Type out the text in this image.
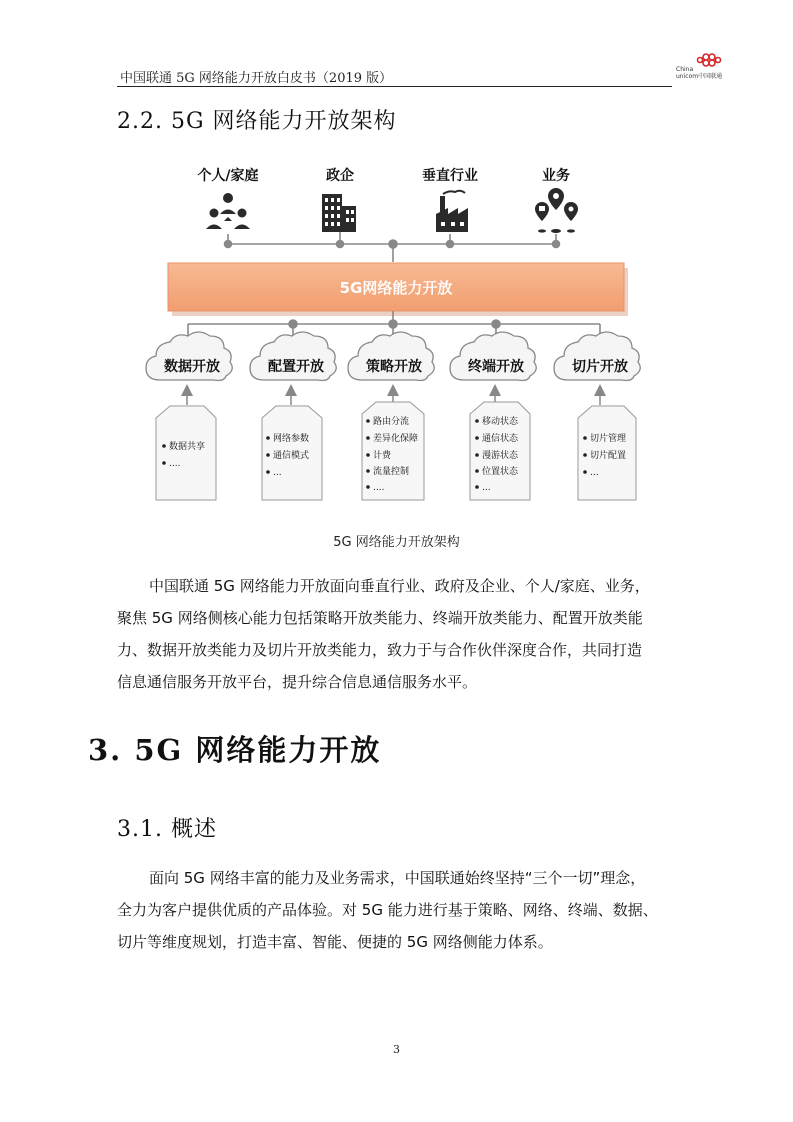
中国联通 5G 网络能力开放白皮书（2019 版）
China
unicom中国联通
2.2. 5G 网络能力开放架构
个人/家庭	政企	垂直行业	业务
5G网络能力开放
数据开放	配置开放	策略开放	终端开放	切片开放
数据共享
....
网络参数
通信模式
...
路由分流
差异化保障
计费
流量控制
....
移动状态
通信状态
漫游状态
位置状态
...
切片管理
切片配置
...
5G 网络能力开放架构
中国联通 5G 网络能力开放面向垂直行业、政府及企业、个人/家庭、业务，
聚焦 5G 网络侧核心能力包括策略开放类能力、终端开放类能力、配置开放类能
力、数据开放类能力及切片开放类能力，致力于与合作伙伴深度合作，共同打造
信息通信服务开放平台，提升综合信息通信服务水平。
3. 5G 网络能力开放
3.1. 概述
面向 5G 网络丰富的能力及业务需求，中国联通始终坚持“三个一切”理念，
全力为客户提供优质的产品体验。对 5G 能力进行基于策略、网络、终端、数据、
切片等维度规划，打造丰富、智能、便捷的 5G 网络侧能力体系。
3
